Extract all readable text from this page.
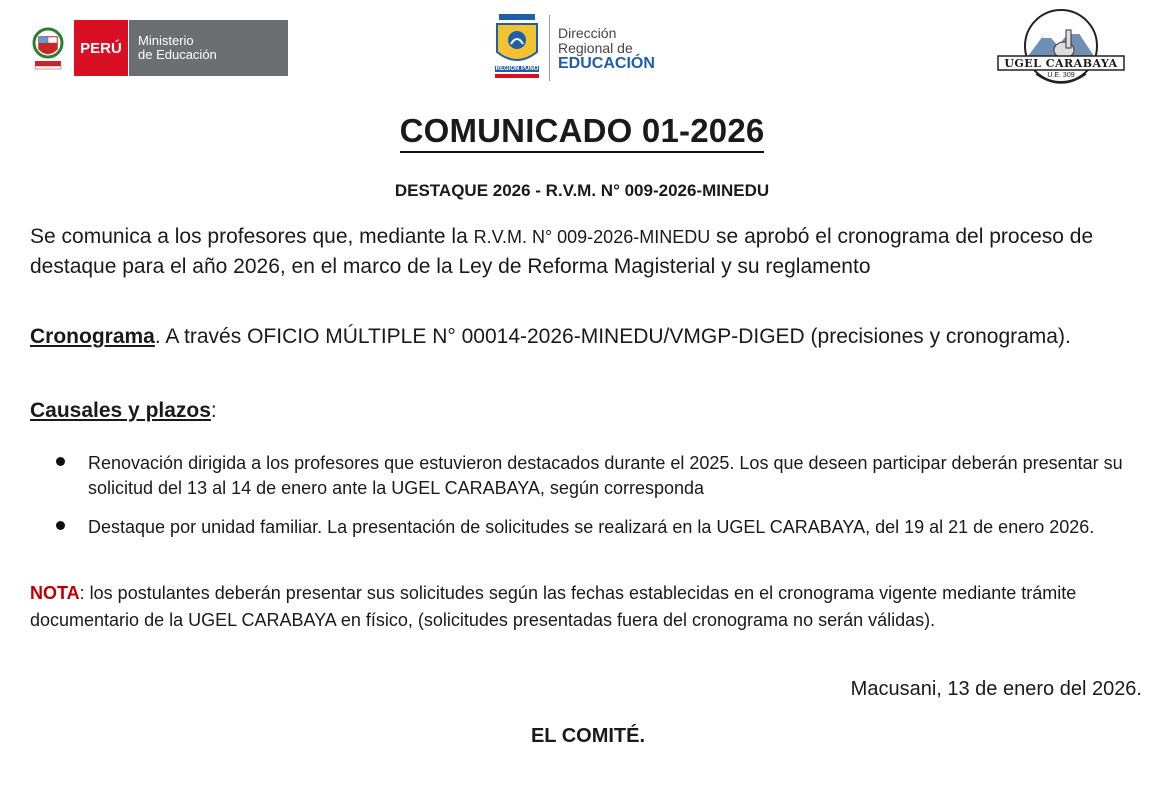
PERÚ	Ministerio
de Educación
REGIÓN PUNO
Dirección
Regional de
EDUCACIÓN	UGEL CARABAYA
U.E. 309
COMUNICADO 01-2026
DESTAQUE 2026 - R.V.M. N° 009-2026-MINEDU
Se comunica a los profesores que, mediante la R.V.M. N° 009-2026-MINEDU se aprobó el cronograma del proceso de destaque para el año 2026, en el marco de la Ley de Reforma Magisterial y su reglamento
Cronograma. A través OFICIO MÚLTIPLE N° 00014-2026-MINEDU/VMGP-DIGED (precisiones y cronograma).
Causales y plazos:
Renovación dirigida a los profesores que estuvieron destacados durante el 2025. Los que deseen participar deberán presentar su solicitud del 13 al 14 de enero ante la UGEL CARABAYA, según corresponda
Destaque por unidad familiar. La presentación de solicitudes se realizará en la UGEL CARABAYA, del 19 al 21 de enero 2026.
NOTA: los postulantes deberán presentar sus solicitudes según las fechas establecidas en el cronograma vigente mediante trámite documentario de la UGEL CARABAYA en físico, (solicitudes presentadas fuera del cronograma no serán válidas).
Macusani, 13 de enero del 2026.
EL COMITÉ.
